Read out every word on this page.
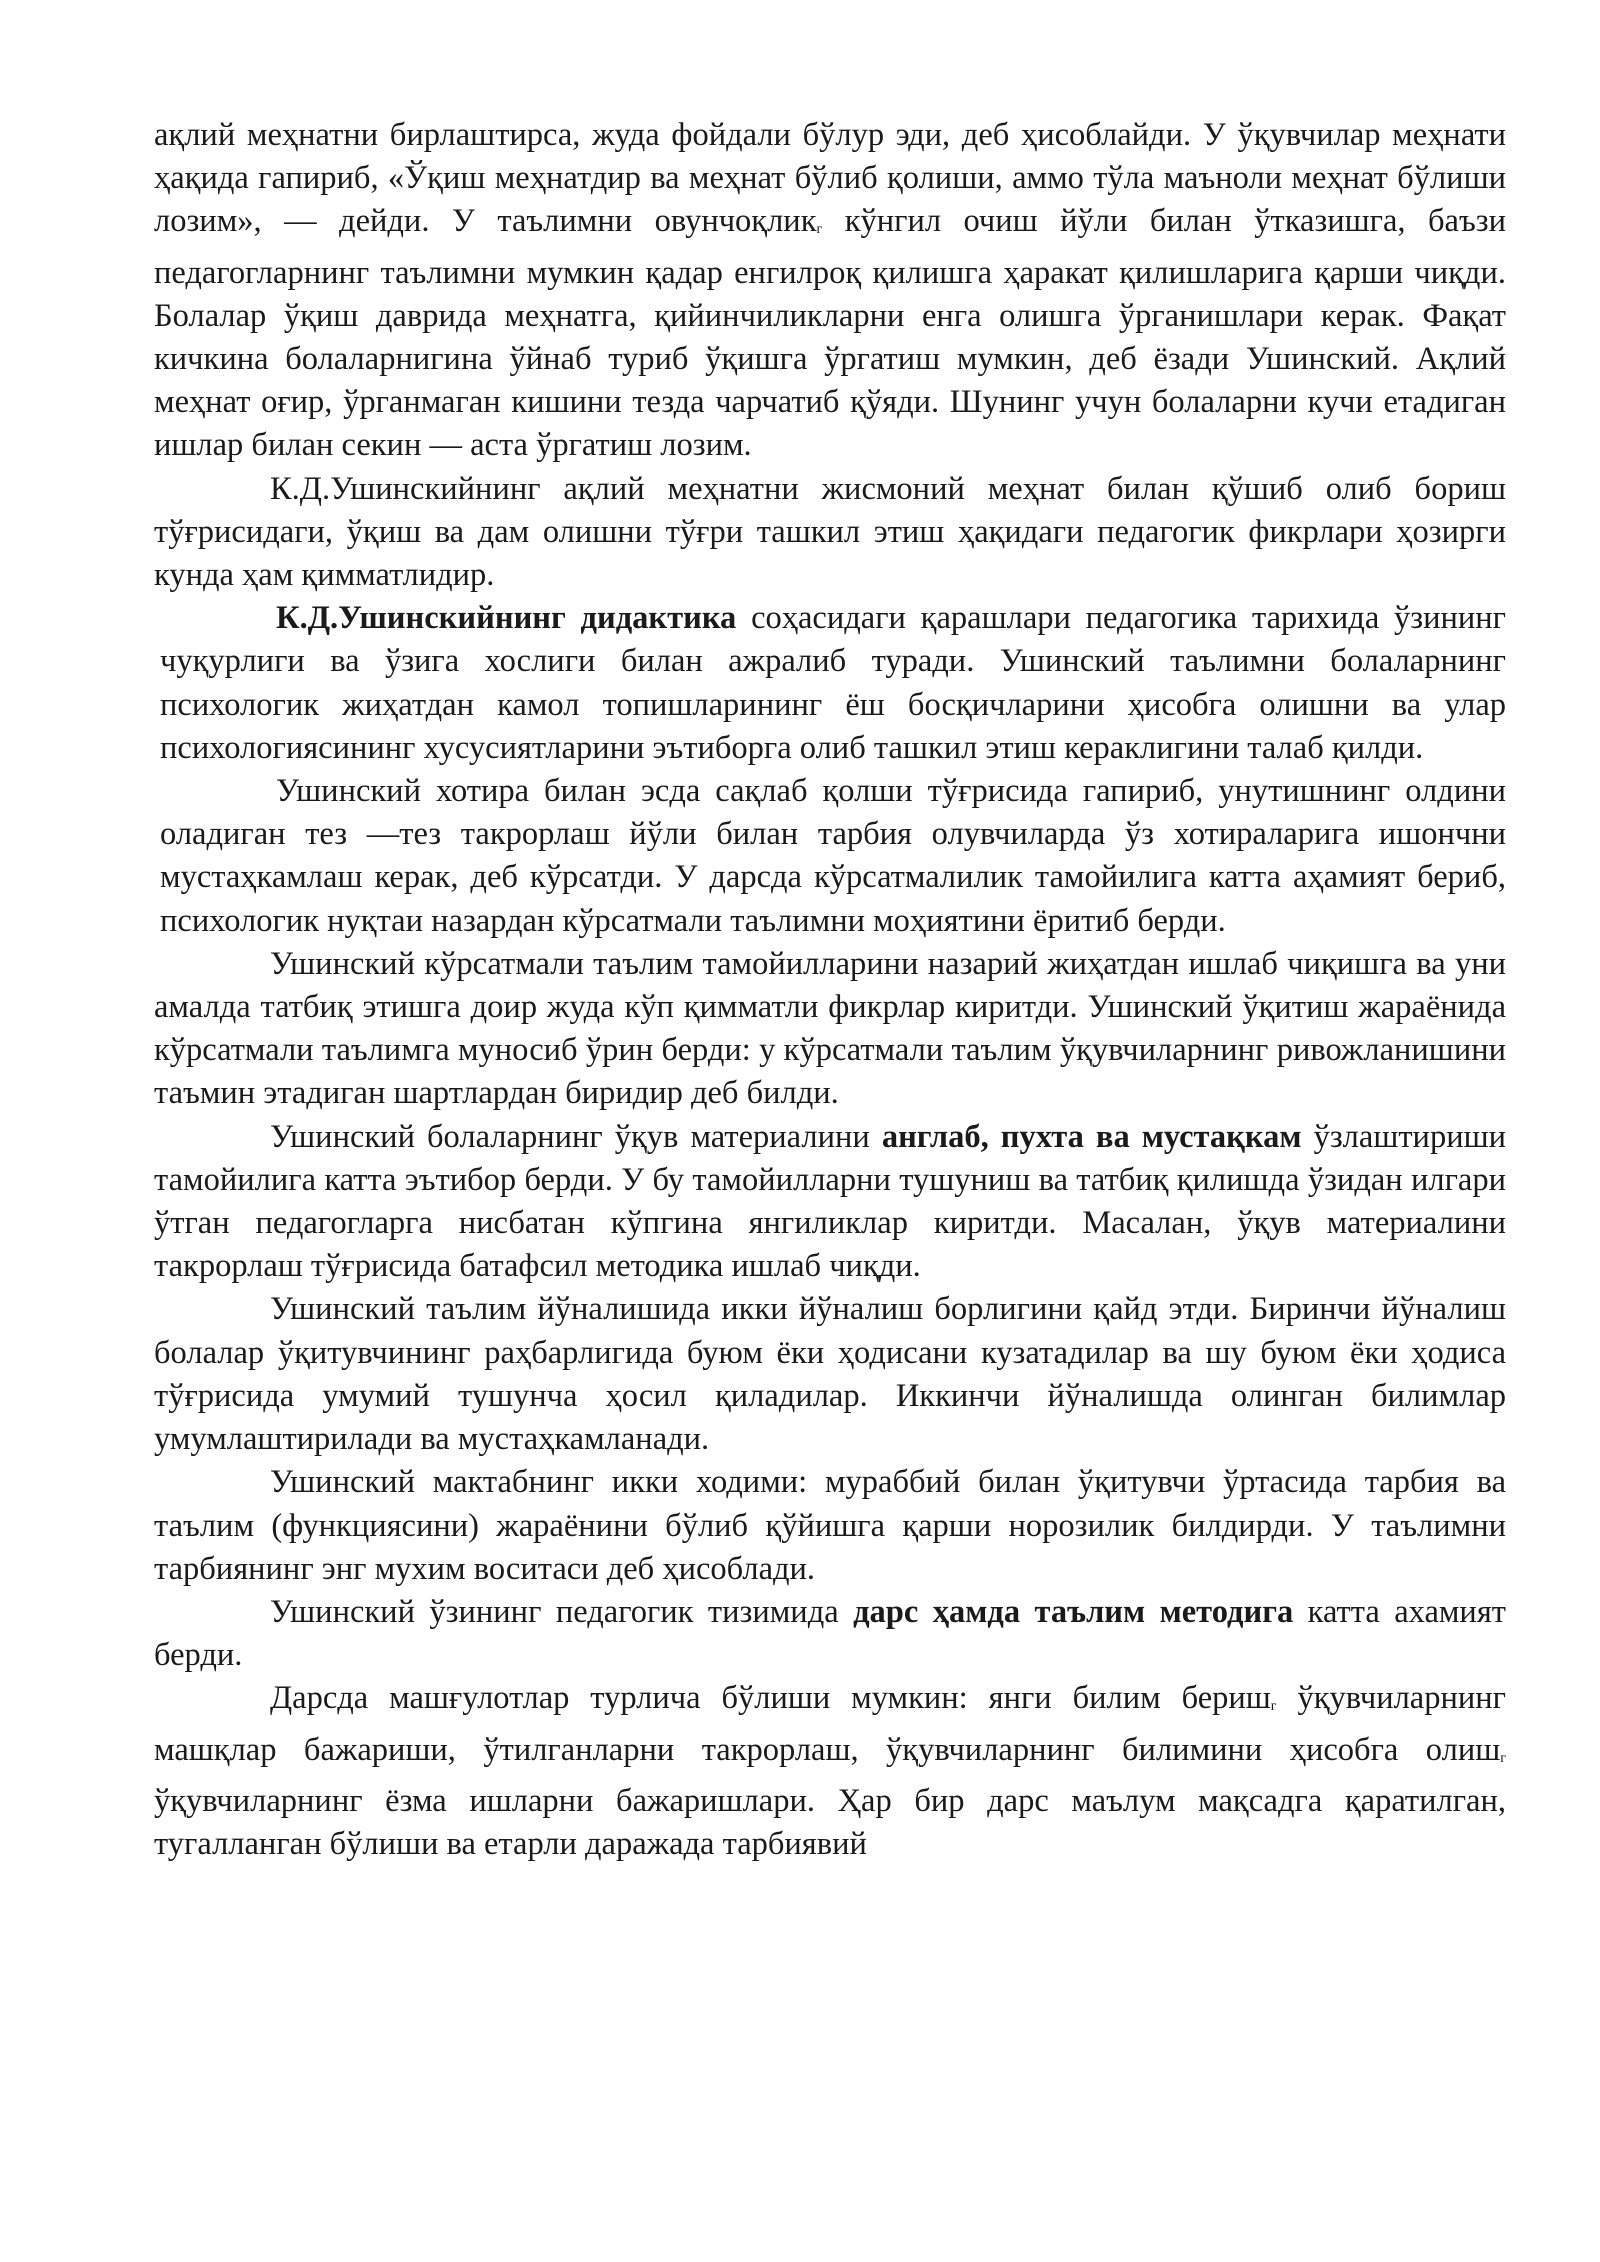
ақлий меҳнатни бирлаштирса, жуда фойдали бўлур эди, деб ҳисоблайди. У ўқувчилар меҳнати ҳақида гапириб, «Ўқиш меҳнатдир ва меҳнат бўлиб қолиши, аммо тўла маъноли меҳнат бўлиши лозим», — дейди. У таълимни овунчоқликг кўнгил очиш йўли билан ўтказишга, баъзи педагогларнинг таълимни мумкин қадар енгилроқ қилишга ҳаракат қилишларига қарши чиқди. Болалар ўқиш даврида меҳнатга, қийинчиликларни енга олишга ўрганишлари керак. Фақат кичкина болаларнигина ўйнаб туриб ўқишга ўргатиш мумкин, деб ёзади Ушинский. Ақлий меҳнат оғир, ўрганмаган кишини тезда чарчатиб қўяди. Шунинг учун болаларни кучи етадиган ишлар билан секин — аста ўргатиш лозим.

К.Д.Ушинскийнинг ақлий меҳнатни жисмоний меҳнат билан қўшиб олиб бориш тўғрисидаги, ўқиш ва дам олишни тўғри ташкил этиш ҳақидаги педагогик фикрлари ҳозирги кунда ҳам қимматлидир.

К.Д.Ушинскийнинг дидактика соҳасидаги қарашлари педагогика тарихида ўзининг чуқурлиги ва ўзига хослиги билан ажралиб туради. Ушинский таълимни болаларнинг психологик жиҳатдан камол топишларининг ёш босқичларини ҳисобга олишни ва улар психологиясининг хусусиятларини эътиборга олиб ташкил этиш кераклигини талаб қилди.

Ушинский хотира билан эсда сақлаб қолши тўғрисида гапириб, унутишнинг олдини оладиган тез —тез такрорлаш йўли билан тарбия олувчиларда ўз хотираларига ишончни мустаҳкамлаш керак, деб кўрсатди. У дарсда кўрсатмалилик тамойилига катта аҳамият бериб, психологик нуқтаи назардан кўрсатмали таълимни моҳиятини ёритиб берди.

Ушинский кўрсатмали таълим тамойилларини назарий жиҳатдан ишлаб чиқишга ва уни амалда татбиқ этишга доир жуда кўп қимматли фикрлар киритди. Ушинский ўқитиш жараёнида кўрсатмали таълимга муносиб ўрин берди: у кўрсатмали таълим ўқувчиларнинг ривожланишини таъмин этадиган шартлардан биридир деб билди.

Ушинский болаларнинг ўқув материалини англаб, пухта ва мустақкам ўзлаштириши тамойилига катта эътибор берди. У бу тамойилларни тушуниш ва татбиқ қилишда ўзидан илгари ўтган педагогларга нисбатан кўпгина янгиликлар киритди. Масалан, ўқув материалини такрорлаш тўғрисида батафсил методика ишлаб чиқди.

Ушинский таълим йўналишида икки йўналиш борлигини қайд этди. Биринчи йўналиш болалар ўқитувчининг раҳбарлигида буюм ёки ҳодисани кузатадилар ва шу буюм ёки ҳодиса тўғрисида умумий тушунча ҳосил қиладилар. Иккинчи йўналишда олинган билимлар умумлаштирилади ва мустаҳкамланади.

Ушинский мактабнинг икки ходими: мураббий билан ўқитувчи ўртасида тарбия ва таълим (функциясини) жараёнини бўлиб қўйишга қарши норозилик билдирди. У таълимни тарбиянинг энг мухим воситаси деб ҳисоблади.

Ушинский ўзининг педагогик тизимида дарс ҳамда таълим методига катта ахамият берди.

Дарсда машғулотлар турлича бўлиши мумкин: янги билим беришг ўқувчиларнинг машқлар бажариши, ўтилганларни такрорлаш, ўқувчиларнинг билимини ҳисобга олишг ўқувчиларнинг ёзма ишларни бажаришлари. Ҳар бир дарс маълум мақсадга қаратилган, тугалланган бўлиши ва етарли даражада тарбиявий
